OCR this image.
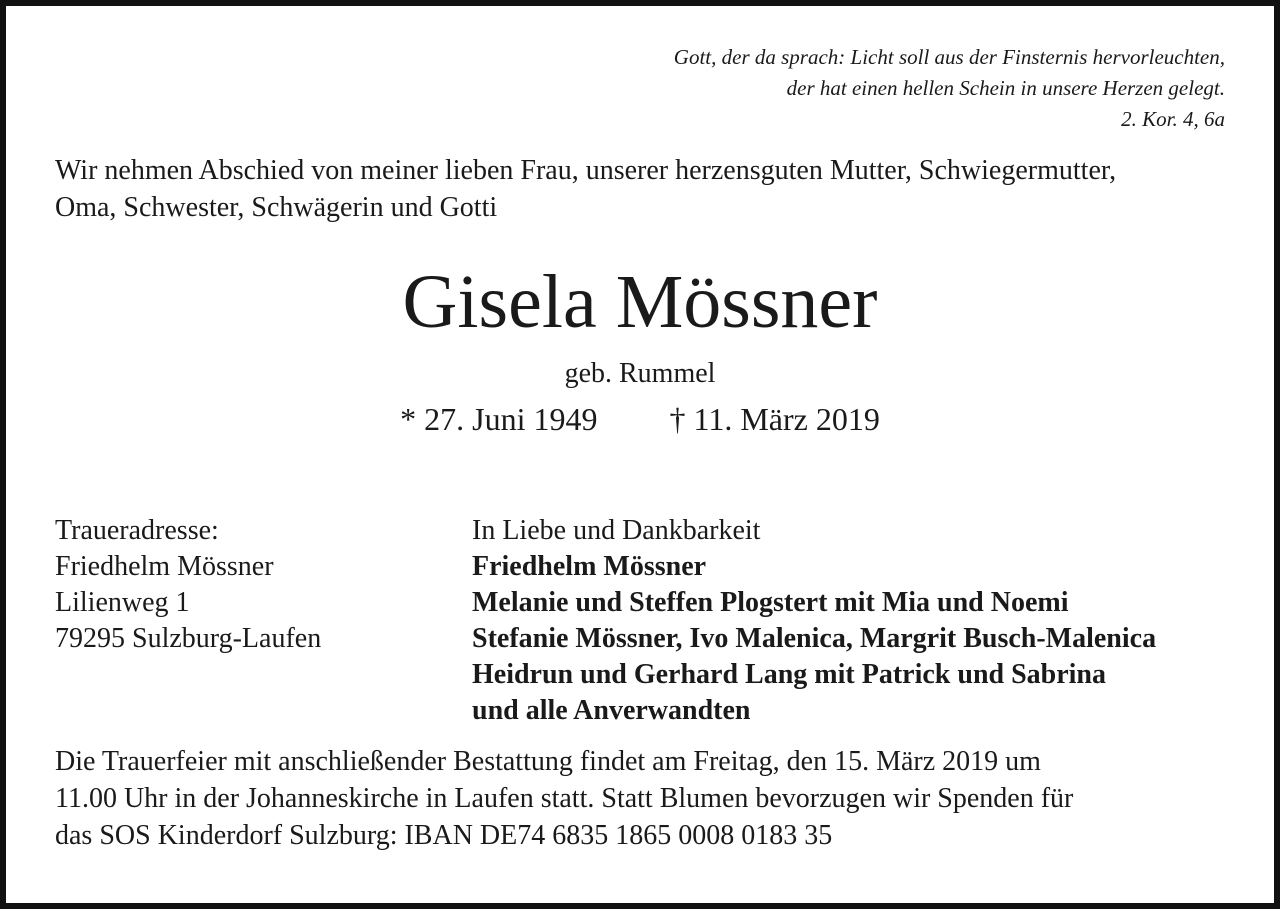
Gott, der da sprach: Licht soll aus der Finsternis hervorleuchten,
der hat einen hellen Schein in unsere Herzen gelegt.
2. Kor. 4, 6a
Wir nehmen Abschied von meiner lieben Frau, unserer herzensguten Mutter, Schwiegermutter,
Oma, Schwester, Schwägerin und Gotti
Gisela Mössner
geb. Rummel
* 27. Juni 1949 † 11. März 2019
Traueradresse:
Friedhelm Mössner
Lilienweg 1
79295 Sulzburg-Laufen
In Liebe und Dankbarkeit
Friedhelm Mössner
Melanie und Steffen Plogstert mit Mia und Noemi
Stefanie Mössner, Ivo Malenica, Margrit Busch-Malenica
Heidrun und Gerhard Lang mit Patrick und Sabrina
und alle Anverwandten
Die Trauerfeier mit anschließender Bestattung findet am Freitag, den 15. März 2019 um
11.00 Uhr in der Johanneskirche in Laufen statt. Statt Blumen bevorzugen wir Spenden für
das SOS Kinderdorf Sulzburg: IBAN DE74 6835 1865 0008 0183 35
